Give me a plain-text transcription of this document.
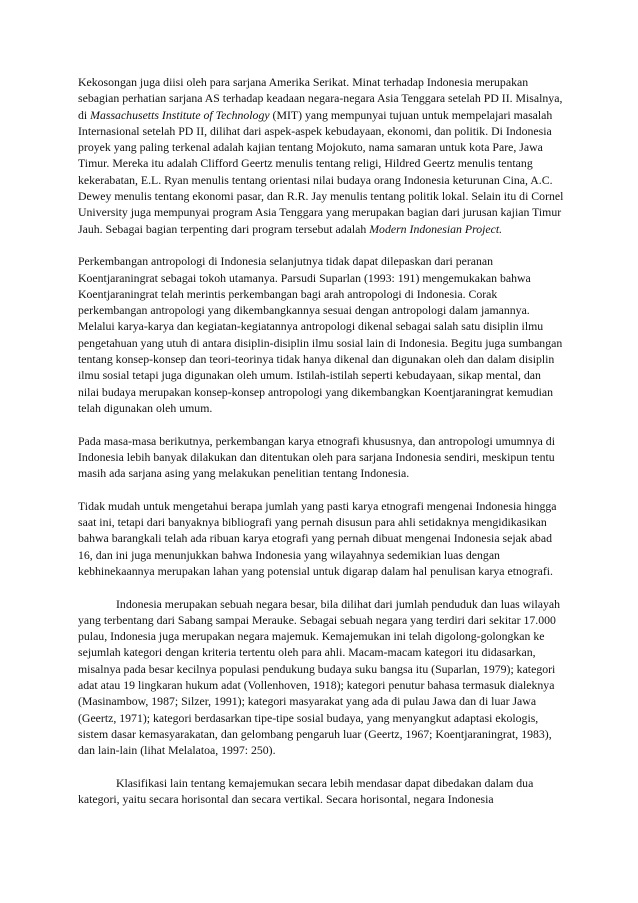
Kekosongan juga diisi oleh para sarjana Amerika Serikat. Minat terhadap Indonesia merupakan sebagian perhatian sarjana AS terhadap keadaan negara-negara Asia Tenggara setelah PD II. Misalnya, di Massachusetts Institute of Technology (MIT) yang mempunyai tujuan untuk mempelajari masalah Internasional setelah PD II, dilihat dari aspek-aspek kebudayaan, ekonomi, dan politik. Di Indonesia proyek yang paling terkenal adalah kajian tentang Mojokuto, nama samaran untuk kota Pare, Jawa Timur. Mereka itu adalah Clifford Geertz menulis tentang religi, Hildred Geertz menulis tentang kekerabatan, E.L. Ryan menulis tentang orientasi nilai budaya orang Indonesia keturunan Cina, A.C. Dewey menulis tentang ekonomi pasar, dan R.R. Jay menulis tentang politik lokal. Selain itu di Cornel University juga mempunyai program Asia Tenggara yang merupakan bagian dari jurusan kajian Timur Jauh. Sebagai bagian terpenting dari program tersebut adalah Modern Indonesian Project.

Perkembangan antropologi di Indonesia selanjutnya tidak dapat dilepaskan dari peranan Koentjaraningrat sebagai tokoh utamanya. Parsudi Suparlan (1993: 191) mengemukakan bahwa Koentjaraningrat telah merintis perkembangan bagi arah antropologi di Indonesia. Corak perkembangan antropologi yang dikembangkannya sesuai dengan antropologi dalam jamannya. Melalui karya-karya dan kegiatan-kegiatannya antropologi dikenal sebagai salah satu disiplin ilmu pengetahuan yang utuh di antara disiplin-disiplin ilmu sosial lain di Indonesia. Begitu juga sumbangan tentang konsep-konsep dan teori-teorinya tidak hanya dikenal dan digunakan oleh dan dalam disiplin ilmu sosial tetapi juga digunakan oleh umum. Istilah-istilah seperti kebudayaan, sikap mental, dan nilai budaya merupakan konsep-konsep antropologi yang dikembangkan Koentjaraningrat kemudian telah digunakan oleh umum.

Pada masa-masa berikutnya, perkembangan karya etnografi khususnya, dan antropologi umumnya di Indonesia lebih banyak dilakukan dan ditentukan oleh para sarjana Indonesia sendiri, meskipun tentu masih ada sarjana asing yang melakukan penelitian tentang Indonesia.

Tidak mudah untuk mengetahui berapa jumlah yang pasti karya etnografi mengenai Indonesia hingga saat ini, tetapi dari banyaknya bibliografi yang pernah disusun para ahli setidaknya mengidikasikan bahwa barangkali telah ada ribuan karya etografi yang pernah dibuat mengenai Indonesia sejak abad 16, dan ini juga menunjukkan bahwa Indonesia yang wilayahnya sedemikian luas dengan kebhinekaannya merupakan lahan yang potensial untuk digarap dalam hal penulisan karya etnografi.

Indonesia merupakan sebuah negara besar, bila dilihat dari jumlah penduduk dan luas wilayah yang terbentang dari Sabang sampai Merauke. Sebagai sebuah negara yang terdiri dari sekitar 17.000 pulau, Indonesia juga merupakan negara majemuk. Kemajemukan ini telah digolong-golongkan ke sejumlah kategori dengan kriteria tertentu oleh para ahli. Macam-macam kategori itu didasarkan, misalnya pada besar kecilnya populasi pendukung budaya suku bangsa itu (Suparlan, 1979); kategori adat atau 19 lingkaran hukum adat (Vollenhoven, 1918); kategori penutur bahasa termasuk dialeknya (Masinambow, 1987; Silzer, 1991); kategori masyarakat yang ada di pulau Jawa dan di luar Jawa (Geertz, 1971); kategori berdasarkan tipe-tipe sosial budaya, yang menyangkut adaptasi ekologis, sistem dasar kemasyarakatan, dan gelombang pengaruh luar (Geertz, 1967; Koentjaraningrat, 1983), dan lain-lain (lihat Melalatoa, 1997: 250).

Klasifikasi lain tentang kemajemukan secara lebih mendasar dapat dibedakan dalam dua kategori, yaitu secara horisontal dan secara vertikal. Secara horisontal, negara Indonesia
